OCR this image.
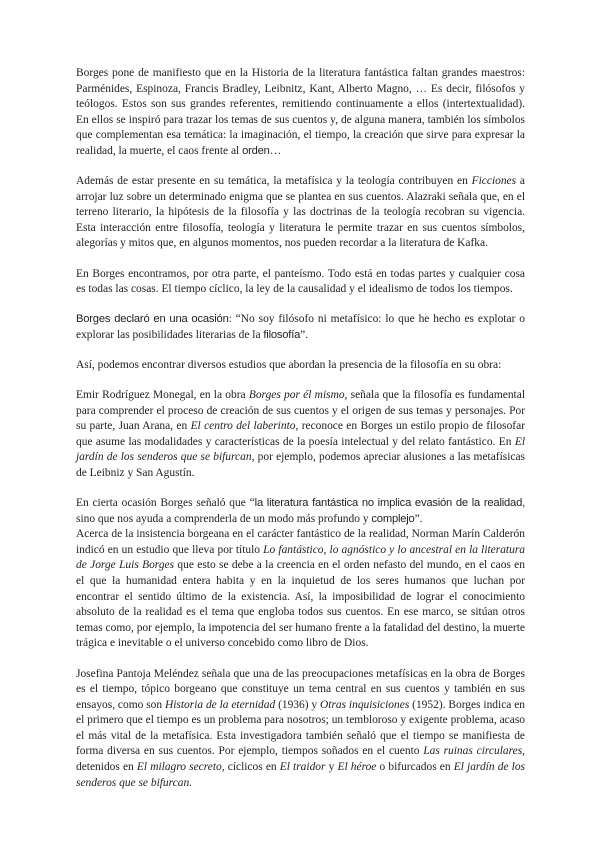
Borges pone de manifiesto que en la Historia de la literatura fantástica faltan grandes maestros: Parménides, Espinoza, Francis Bradley, Leibnitz, Kant, Alberto Magno, … Es decir, filósofos y teólogos. Estos son sus grandes referentes, remitiendo continuamente a ellos (intertextualidad). En ellos se inspiró para trazar los temas de sus cuentos y, de alguna manera, también los símbolos que complementan esa temática: la imaginación, el tiempo, la creación que sirve para expresar la realidad, la muerte, el caos frente al orden…

Además de estar presente en su temática, la metafísica y la teología contribuyen en Ficciones a arrojar luz sobre un determinado enigma que se plantea en sus cuentos. Alazraki señala que, en el terreno literario, la hipótesis de la filosofía y las doctrinas de la teología recobran su vigencia. Esta interacción entre filosofía, teología y literatura le permite trazar en sus cuentos símbolos, alegorías y mitos que, en algunos momentos, nos pueden recordar a la literatura de Kafka.

En Borges encontramos, por otra parte, el panteísmo. Todo está en todas partes y cualquier cosa es todas las cosas. El tiempo cíclico, la ley de la causalidad y el idealismo de todos los tiempos.

Borges declaró en una ocasión: “No soy filósofo ni metafísico: lo que he hecho es explotar o explorar las posibilidades literarias de la filosofía”.

Así, podemos encontrar diversos estudios que abordan la presencia de la filosofía en su obra:

Emir Rodríguez Monegal, en la obra Borges por él mismo, señala que la filosofía es fundamental para comprender el proceso de creación de sus cuentos y el origen de sus temas y personajes. Por su parte, Juan Arana, en El centro del laberinto, reconoce en Borges un estilo propio de filosofar que asume las modalidades y características de la poesía intelectual y del relato fantástico. En El jardín de los senderos que se bifurcan, por ejemplo, podemos apreciar alusiones a las metafísicas de Leibniz y San Agustín.

En cierta ocasión Borges señaló que “la literatura fantástica no implica evasión de la realidad, sino que nos ayuda a comprenderla de un modo más profundo y complejo”.

Acerca de la insistencia borgeana en el carácter fantástico de la realidad, Norman Marín Calderón indicó en un estudio que lleva por título Lo fantástico, lo agnóstico y lo ancestral en la literatura de Jorge Luis Borges que esto se debe a la creencia en el orden nefasto del mundo, en el caos en el que la humanidad entera habita y en la inquietud de los seres humanos que luchan por encontrar el sentido último de la existencia. Así, la imposibilidad de lograr el conocimiento absoluto de la realidad es el tema que engloba todos sus cuentos. En ese marco, se sitúan otros temas como, por ejemplo, la impotencia del ser humano frente a la fatalidad del destino, la muerte trágica e inevitable o el universo concebido como libro de Dios.

Josefina Pantoja Meléndez señala que una de las preocupaciones metafísicas en la obra de Borges es el tiempo, tópico borgeano que constituye un tema central en sus cuentos y también en sus ensayos, como son Historia de la eternidad (1936) y Otras inquisiciones (1952). Borges indica en el primero que el tiempo es un problema para nosotros; un tembloroso y exigente problema, acaso el más vital de la metafísica. Esta investigadora también señaló que el tiempo se manifiesta de forma diversa en sus cuentos. Por ejemplo, tiempos soñados en el cuento Las ruinas circulares, detenidos en El milagro secreto, cíclicos en El traidor y El héroe o bifurcados en El jardín de los senderos que se bifurcan.
